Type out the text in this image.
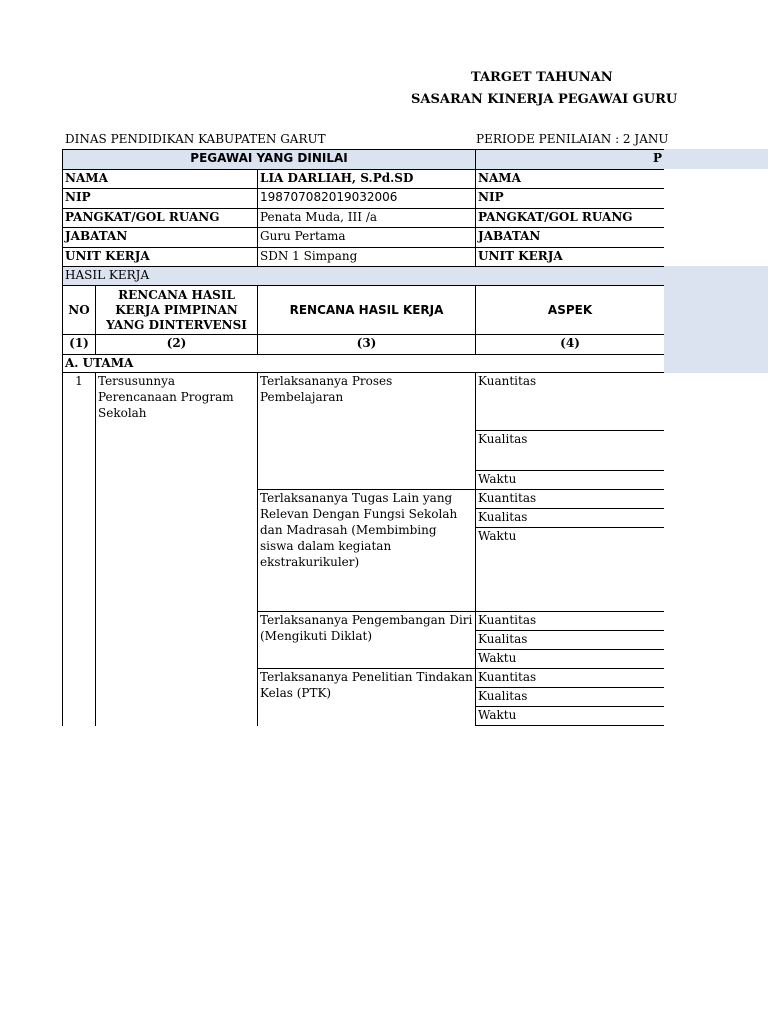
TARGET TAHUNAN
SASARAN KINERJA PEGAWAI GURU
DINAS PENDIDIKAN KABUPATEN GARUT	PERIODE PENILAIAN : 2 JANU
PEGAWAI YANG DINILAI			P
NAMA		LIA DARLIAH, S.Pd.SD	NAMA
NIP		198707082019032006	NIP
PANGKAT/GOL RUANG		Penata Muda, III /a	PANGKAT/GOL RUANG
JABATAN		Guru Pertama	JABATAN
UNIT KERJA		SDN 1 Simpang	UNIT KERJA
HASIL KERJA			
NO	RENCANA HASIL KERJA PIMPINAN YANG DINTERVENSI	RENCANA HASIL KERJA	ASPEK
(1)	(2)	(3)	(4)
A. UTAMA			
1	Tersusunnya Perencanaan Program Sekolah	Terlaksananya Proses Pembelajaran	Kuantitas
			Kualitas
			Waktu
		Terlaksananya Tugas Lain yang Relevan Dengan Fungsi Sekolah dan Madrasah (Membimbing siswa dalam kegiatan ekstrakurikuler)	Kuantitas
			Kualitas
			Waktu
		Terlaksananya Pengembangan Diri (Mengikuti Diklat)	Kuantitas
			Kualitas
			Waktu
		Terlaksananya Penelitian Tindakan Kelas (PTK)	Kuantitas
			Kualitas
			Waktu
